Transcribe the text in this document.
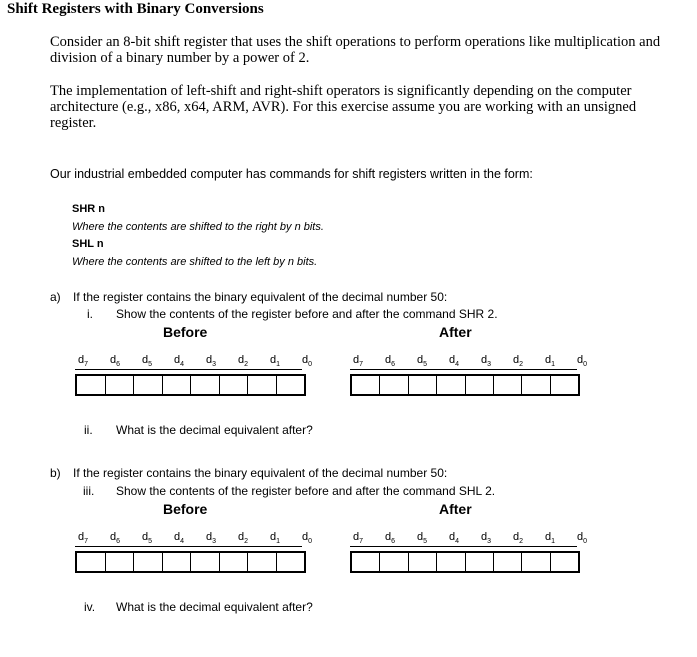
Shift Registers with Binary Conversions
Consider an 8-bit shift register that uses the shift operations to perform operations like multiplication and division of a binary number by a power of 2.
The implementation of left-shift and right-shift operators is significantly depending on the computer architecture (e.g., x86, x64, ARM, AVR). For this exercise assume you are working with an unsigned register.
Our industrial embedded computer has commands for shift registers written in the form:
SHR n
Where the contents are shifted to the right by n bits.
SHL n
Where the contents are shifted to the left by n bits.
a) If the register contains the binary equivalent of the decimal number 50:
i. Show the contents of the register before and after the command SHR 2.
Before	After
$d_7$	$d_6$	$d_5$	$d_4$	$d_3$	$d_2$	$d_1$	$d_0$	$d_7$	$d_6$	$d_5$	$d_4$	$d_3$	$d_2$	$d_1$	$d_0$
ii. What is the decimal equivalent after?
b) If the register contains the binary equivalent of the decimal number 50:
iii. Show the contents of the register before and after the command SHL 2.
Before	After
$d_7$	$d_6$	$d_5$	$d_4$	$d_3$	$d_2$	$d_1$	$d_0$	$d_7$	$d_6$	$d_5$	$d_4$	$d_3$	$d_2$	$d_1$	$d_0$
iv. What is the decimal equivalent after?
